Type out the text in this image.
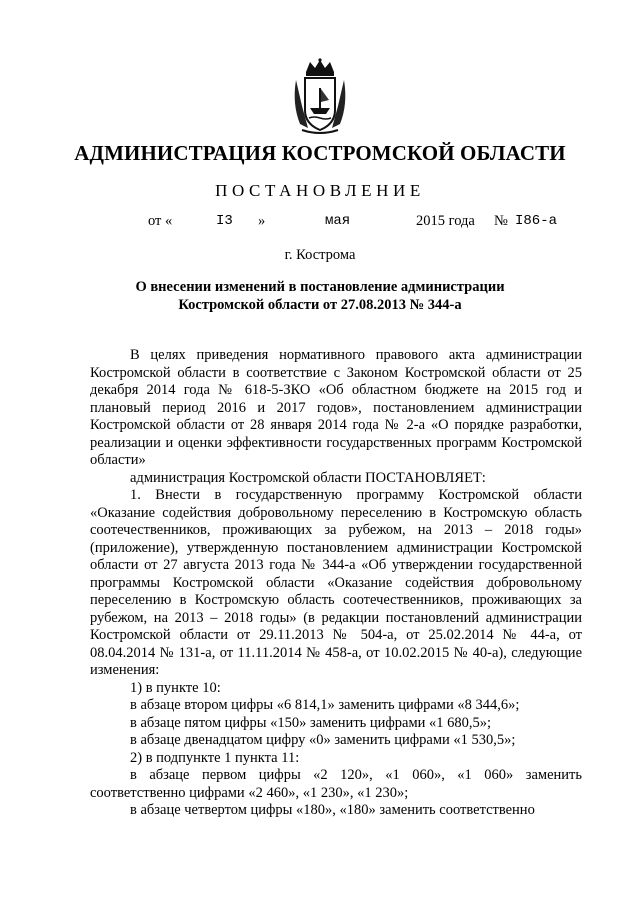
АДМИНИСТРАЦИЯ КОСТРОМСКОЙ ОБЛАСТИ
ПОСТАНОВЛЕНИЕ
от «	I3 »	мая	2015 года № I86-а
г. Кострома
О внесении изменений в постановление администрации
Костромской области от 27.08.2013 № 344-а

В целях приведения нормативного правового акта администрации Костромской области в соответствие с Законом Костромской области от 25 декабря 2014 года № 618-5-ЗКО «Об областном бюджете на 2015 год и плановый период 2016 и 2017 годов», постановлением администрации Костромской области от 28 января 2014 года № 2-а «О порядке разработки, реализации и оценки эффективности государственных программ Костромской области»

администрация Костромской области ПОСТАНОВЛЯЕТ:

1. Внести в государственную программу Костромской области «Оказание содействия добровольному переселению в Костромскую область соотечественников, проживающих за рубежом, на 2013 – 2018 годы» (приложение), утвержденную постановлением администрации Костромской области от 27 августа 2013 года № 344-а «Об утверждении государственной программы Костромской области «Оказание содействия добровольному переселению в Костромскую область соотечественников, проживающих за рубежом, на 2013 – 2018 годы» (в редакции постановлений администрации Костромской области от 29.11.2013 № 504-а, от 25.02.2014 № 44-а, от 08.04.2014 № 131-а, от 11.11.2014 № 458-а, от 10.02.2015 № 40-а), следующие изменения:

1) в пункте 10:

в абзаце втором цифры «6 814,1» заменить цифрами «8 344,6»;

в абзаце пятом цифры «150» заменить цифрами «1 680,5»;

в абзаце двенадцатом цифру «0» заменить цифрами «1 530,5»;

2) в подпункте 1 пункта 11:

в абзаце первом цифры «2 120», «1 060», «1 060» заменить соответственно цифрами «2 460», «1 230», «1 230»;

в абзаце четвертом цифры «180», «180» заменить соответственно
